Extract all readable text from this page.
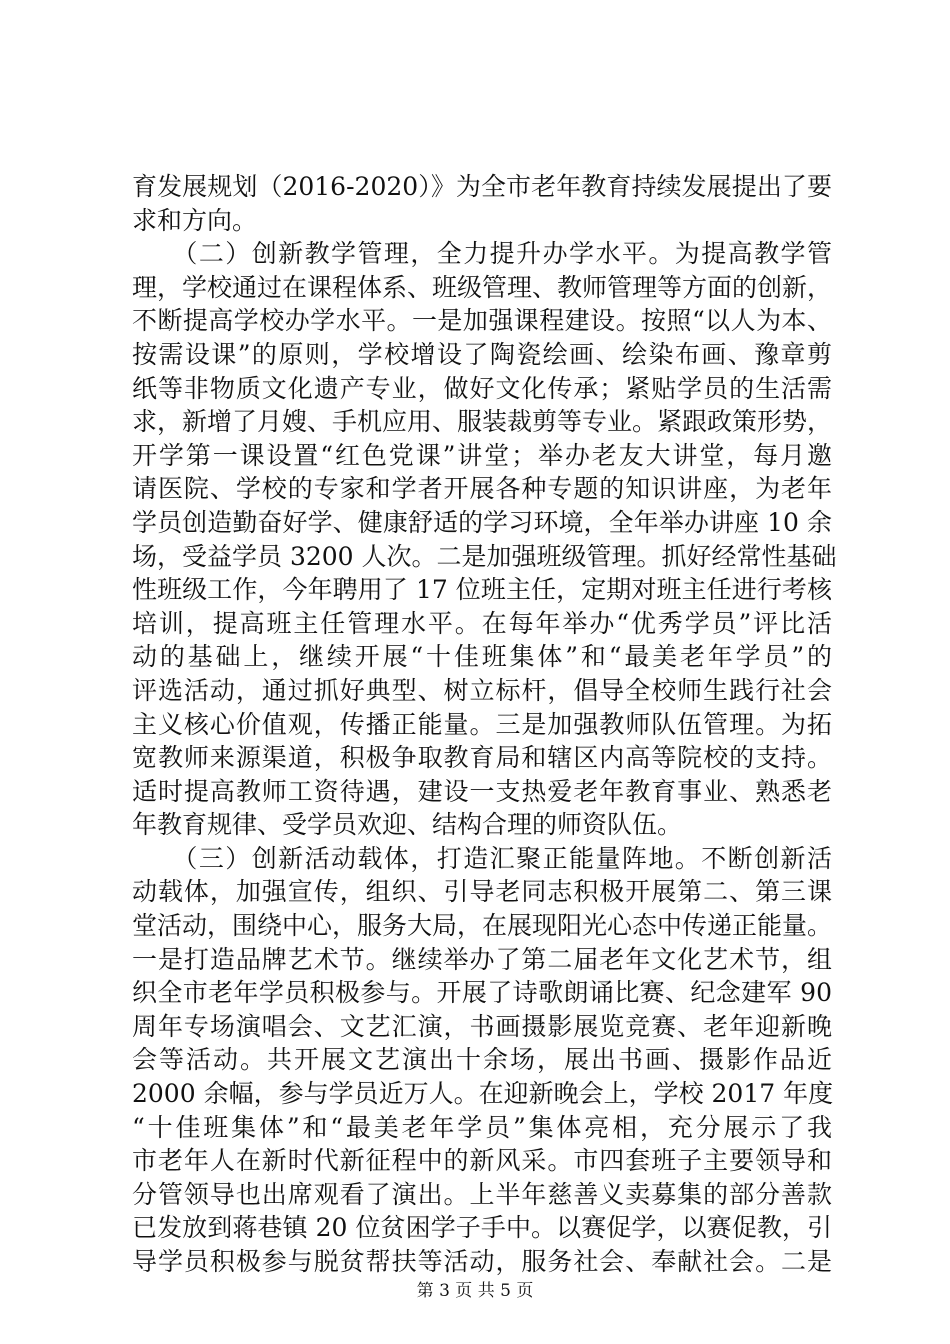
育发展规划（2016-2020）》为全市老年教育持续发展提出了要
求和方向。
　　（二）创新教学管理，全力提升办学水平。为提高教学管
理，学校通过在课程体系、班级管理、教师管理等方面的创新，
不断提高学校办学水平。一是加强课程建设。按照“以人为本、
按需设课”的原则，学校增设了陶瓷绘画、绘染布画、豫章剪
纸等非物质文化遗产专业，做好文化传承；紧贴学员的生活需
求，新增了月嫂、手机应用、服装裁剪等专业。紧跟政策形势，
开学第一课设置“红色党课”讲堂；举办老友大讲堂，每月邀
请医院、学校的专家和学者开展各种专题的知识讲座，为老年
学员创造勤奋好学、健康舒适的学习环境，全年举办讲座 10 余
场，受益学员 3200 人次。二是加强班级管理。抓好经常性基础
性班级工作，今年聘用了 17 位班主任，定期对班主任进行考核
培训，提高班主任管理水平。在每年举办“优秀学员”评比活
动的基础上，继续开展“十佳班集体”和“最美老年学员”的
评选活动，通过抓好典型、树立标杆，倡导全校师生践行社会
主义核心价值观，传播正能量。三是加强教师队伍管理。为拓
宽教师来源渠道，积极争取教育局和辖区内高等院校的支持。
适时提高教师工资待遇，建设一支热爱老年教育事业、熟悉老
年教育规律、受学员欢迎、结构合理的师资队伍。
　　（三）创新活动载体，打造汇聚正能量阵地。不断创新活
动载体，加强宣传，组织、引导老同志积极开展第二、第三课
堂活动，围绕中心，服务大局，在展现阳光心态中传递正能量。
一是打造品牌艺术节。继续举办了第二届老年文化艺术节，组
织全市老年学员积极参与。开展了诗歌朗诵比赛、纪念建军 90
周年专场演唱会、文艺汇演，书画摄影展览竞赛、老年迎新晚
会等活动。共开展文艺演出十余场，展出书画、摄影作品近
2000 余幅，参与学员近万人。在迎新晚会上，学校 2017 年度
“十佳班集体”和“最美老年学员”集体亮相，充分展示了我
市老年人在新时代新征程中的新风采。市四套班子主要领导和
分管领导也出席观看了演出。上半年慈善义卖募集的部分善款
已发放到蒋巷镇 20 位贫困学子手中。以赛促学，以赛促教，引
导学员积极参与脱贫帮扶等活动，服务社会、奉献社会。二是
第 3 页 共 5 页
